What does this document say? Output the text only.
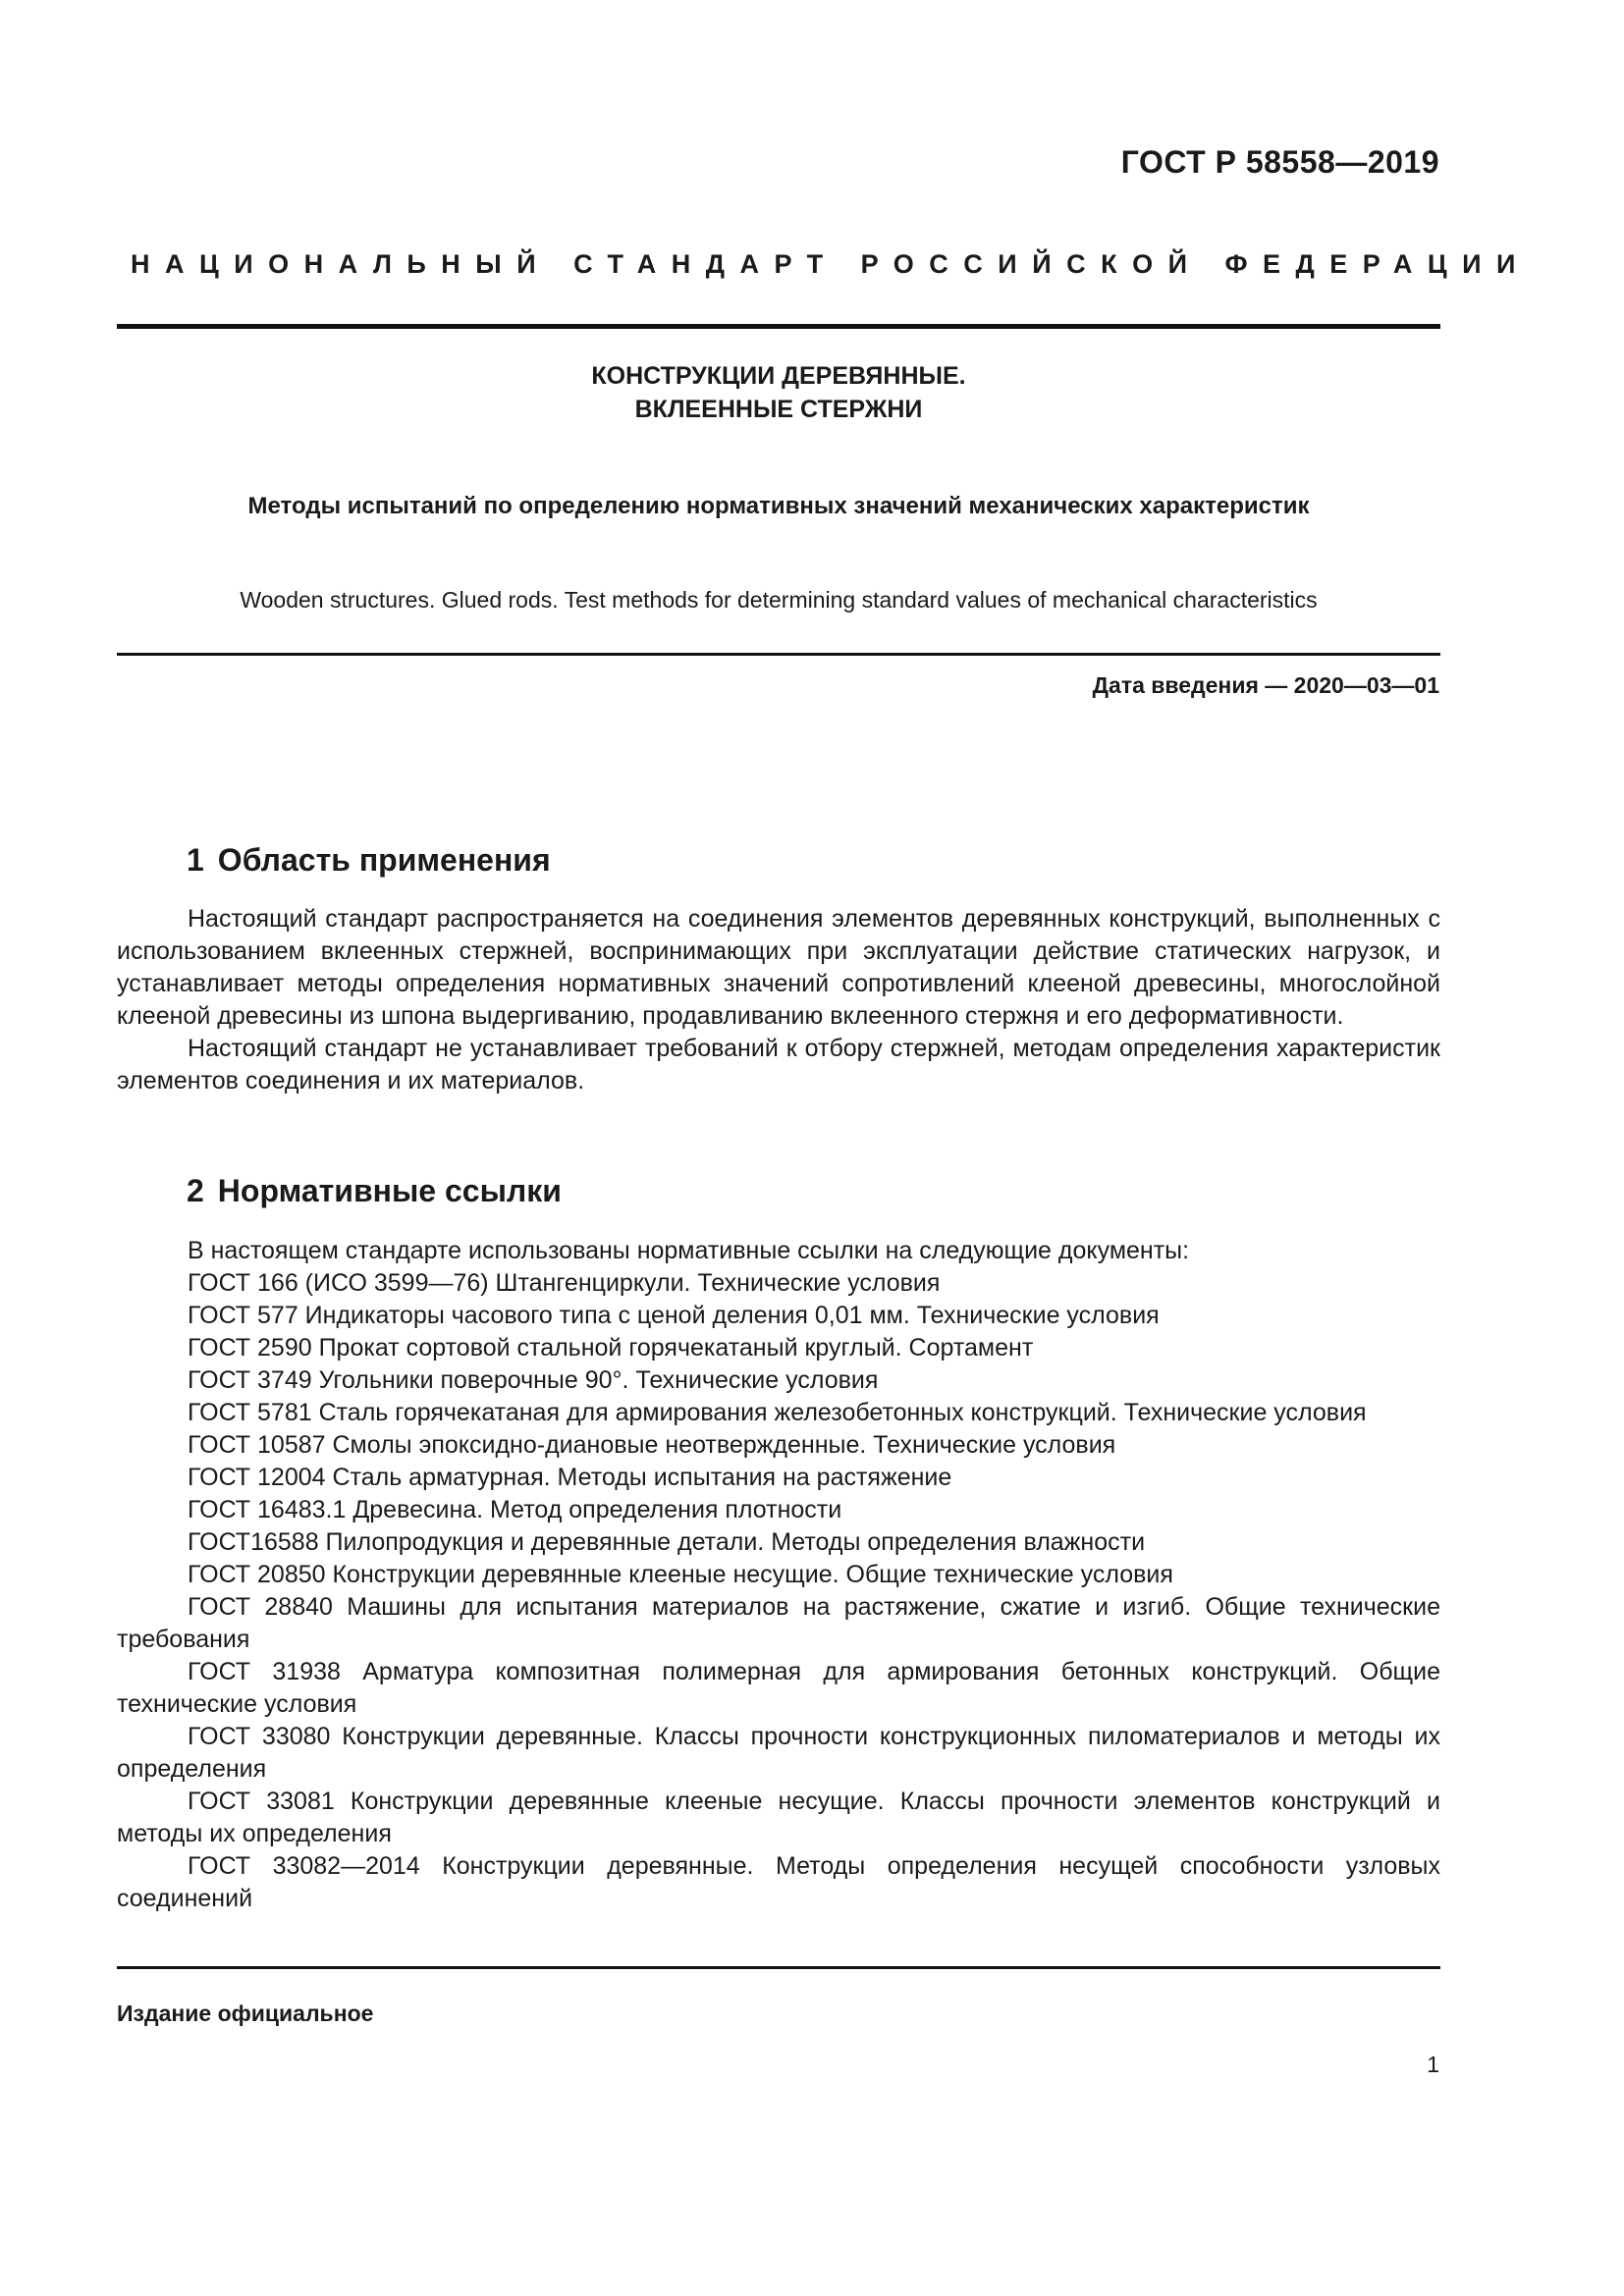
ГОСТ Р 58558—2019
НАЦИОНАЛЬНЫЙ СТАНДАРТ РОССИЙСКОЙ ФЕДЕРАЦИИ
КОНСТРУКЦИИ ДЕРЕВЯННЫЕ.
ВКЛЕЕННЫЕ СТЕРЖНИ
Методы испытаний по определению нормативных значений механических характеристик
Wooden structures. Glued rods. Test methods for determining standard values of mechanical characteristics
Дата введения — 2020—03—01
1 Область применения

Настоящий стандарт распространяется на соединения элементов деревянных конструкций, выполненных с использованием вклеенных стержней, воспринимающих при эксплуатации действие статических нагрузок, и устанавливает методы определения нормативных значений сопротивлений клееной древесины, многослойной клееной древесины из шпона выдергиванию, продавливанию вклеенного стержня и его деформативности.

Настоящий стандарт не устанавливает требований к отбору стержней, методам определения характеристик элементов соединения и их материалов.

2 Нормативные ссылки

В настоящем стандарте использованы нормативные ссылки на следующие документы:

ГОСТ 166 (ИСО 3599—76) Штангенциркули. Технические условия

ГОСТ 577 Индикаторы часового типа с ценой деления 0,01 мм. Технические условия

ГОСТ 2590 Прокат сортовой стальной горячекатаный круглый. Сортамент

ГОСТ 3749 Угольники поверочные 90°. Технические условия

ГОСТ 5781 Сталь горячекатаная для армирования железобетонных конструкций. Технические условия

ГОСТ 10587 Смолы эпоксидно-диановые неотвержденные. Технические условия

ГОСТ 12004 Сталь арматурная. Методы испытания на растяжение

ГОСТ 16483.1 Древесина. Метод определения плотности

ГОСТ16588 Пилопродукция и деревянные детали. Методы определения влажности

ГОСТ 20850 Конструкции деревянные клееные несущие. Общие технические условия

ГОСТ 28840 Машины для испытания материалов на растяжение, сжатие и изгиб. Общие технические требования

ГОСТ 31938 Арматура композитная полимерная для армирования бетонных конструкций. Общие технические условия

ГОСТ 33080 Конструкции деревянные. Классы прочности конструкционных пиломатериалов и методы их определения

ГОСТ 33081 Конструкции деревянные клееные несущие. Классы прочности элементов конструкций и методы их определения

ГОСТ 33082—2014 Конструкции деревянные. Методы определения несущей способности узловых соединений

Издание официальное
1
